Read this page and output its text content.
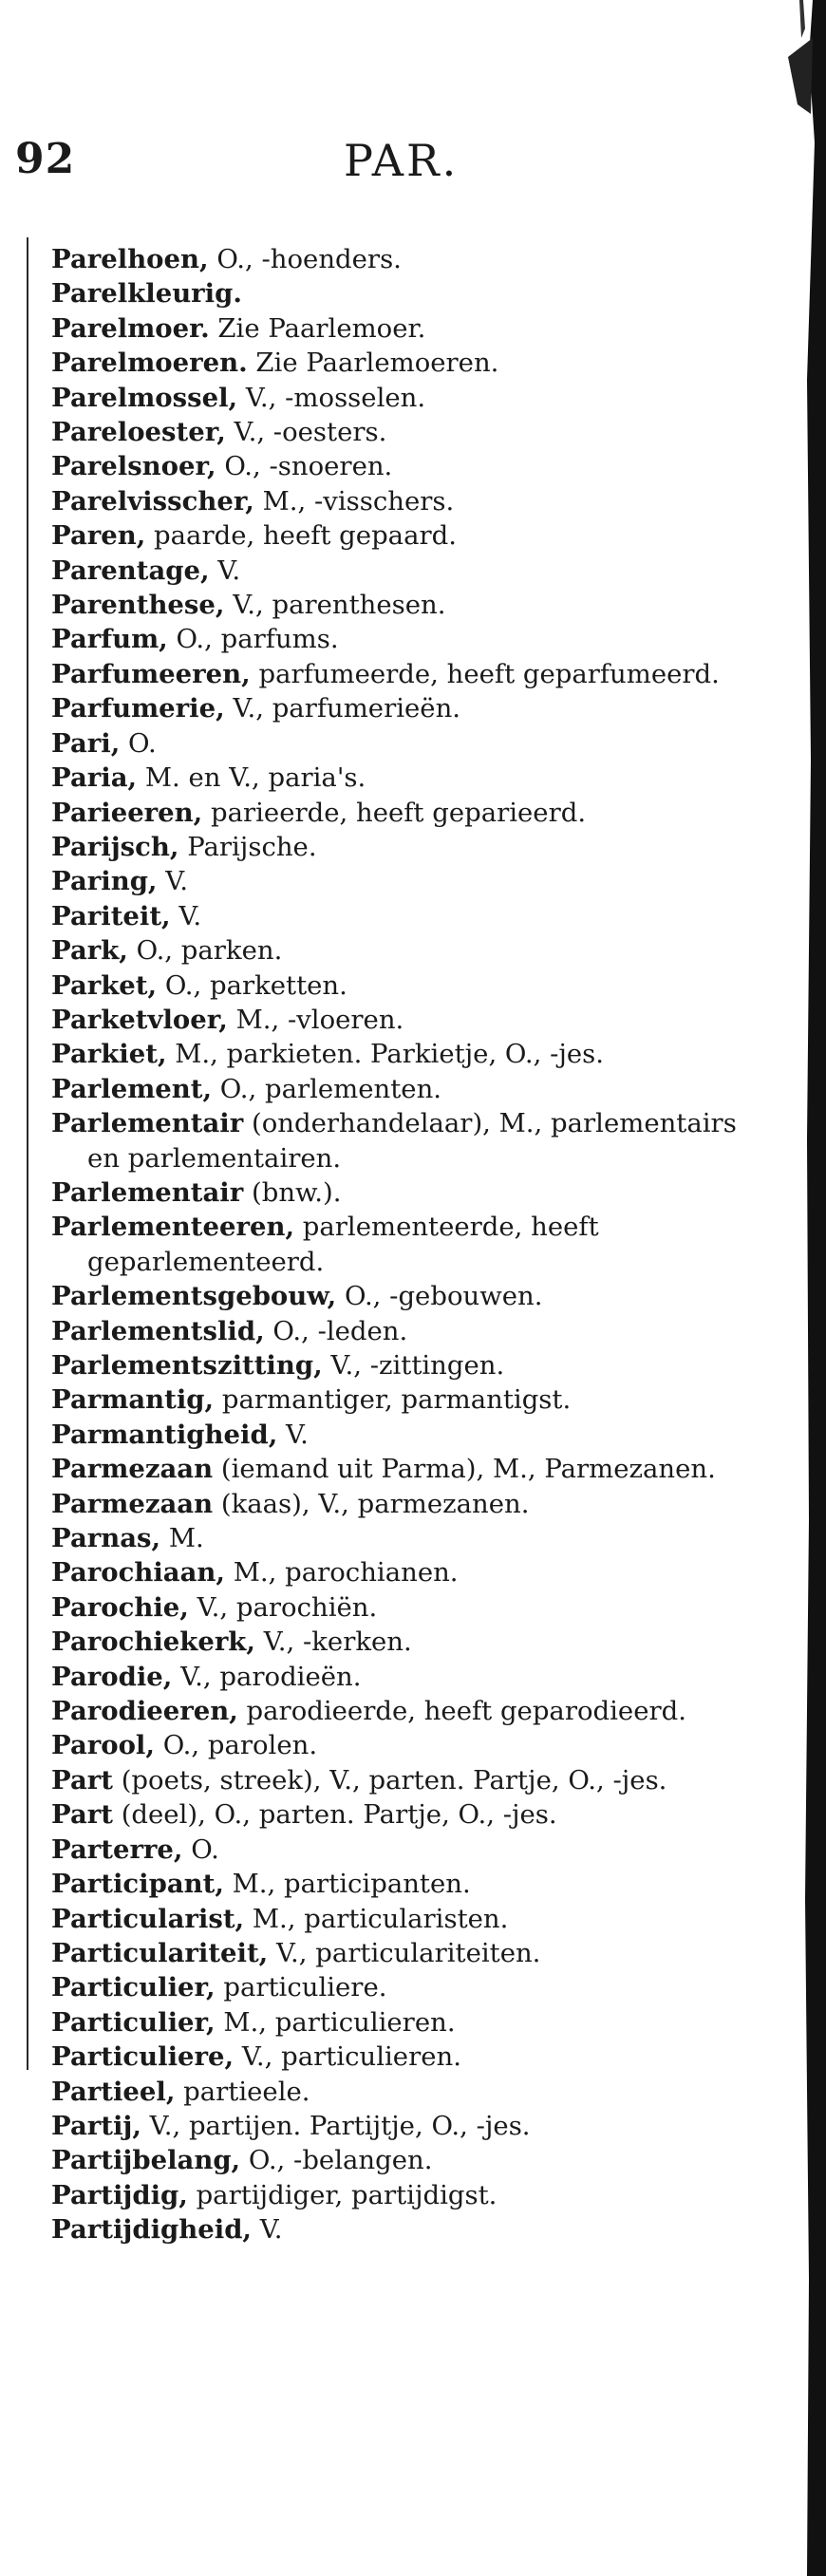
92	PAR.

Parelhoen, O., -hoenders.

Parelkleurig.

Parelmoer. Zie Paarlemoer.

Parelmoeren. Zie Paarlemoeren.

Parelmossel, V., -mosselen.

Pareloester, V., -oesters.

Parelsnoer, O., -snoeren.

Parelvisscher, M., -visschers.

Paren, paarde, heeft gepaard.

Parentage, V.

Parenthese, V., parenthesen.

Parfum, O., parfums.

Parfumeeren, parfumeerde, heeft geparfumeerd.

Parfumerie, V., parfumerieën.

Pari, O.

Paria, M. en V., paria's.

Parieeren, parieerde, heeft geparieerd.

Parijsch, Parijsche.

Paring, V.

Pariteit, V.

Park, O., parken.

Parket, O., parketten.

Parketvloer, M., -vloeren.

Parkiet, M., parkieten. Parkietje, O., -jes.

Parlement, O., parlementen.

Parlementair (onderhandelaar), M., parlementairs en parlementairen.

Parlementair (bnw.).

Parlementeeren, parlementeerde, heeft geparlementeerd.

Parlementsgebouw, O., -gebouwen.

Parlementslid, O., -leden.

Parlementszitting, V., -zittingen.

Parmantig, parmantiger, parmantigst.

Parmantigheid, V.

Parmezaan (iemand uit Parma), M., Parmezanen.

Parmezaan (kaas), V., parmezanen.

Parnas, M.

Parochiaan, M., parochianen.

Parochie, V., parochiën.

Parochiekerk, V., -kerken.

Parodie, V., parodieën.

Parodieeren, parodieerde, heeft geparodieerd.

Parool, O., parolen.

Part (poets, streek), V., parten. Partje, O., -jes.

Part (deel), O., parten. Partje, O., -jes.

Parterre, O.

Participant, M., participanten.

Particularist, M., particularisten.

Particulariteit, V., particulariteiten.

Particulier, particuliere.

Particulier, M., particulieren.

Particuliere, V., particulieren.

Partieel, partieele.

Partij, V., partijen. Partijtje, O., -jes.

Partijbelang, O., -belangen.

Partijdig, partijdiger, partijdigst.

Partijdigheid, V.
